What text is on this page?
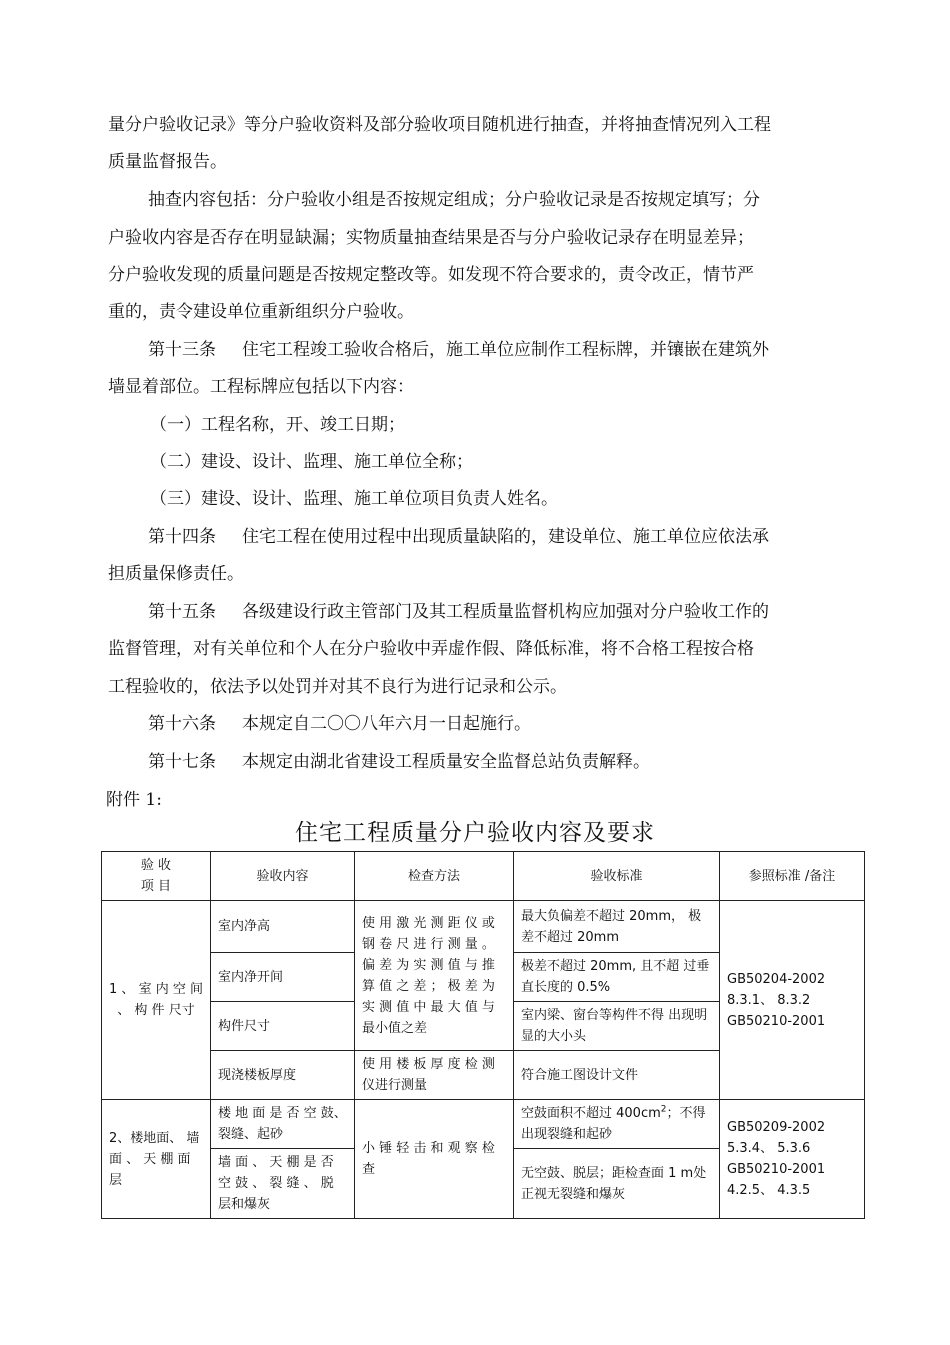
量分户验收记录》等分户验收资料及部分验收项目随机进行抽查，并将抽查情况列入工程
质量监督报告。
抽查内容包括：分户验收小组是否按规定组成；分户验收记录是否按规定填写；分
户验收内容是否存在明显缺漏；实物质量抽查结果是否与分户验收记录存在明显差异；
分户验收发现的质量问题是否按规定整改等。如发现不符合要求的，责令改正，情节严
重的，责令建设单位重新组织分户验收。
第十三条 住宅工程竣工验收合格后，施工单位应制作工程标牌，并镶嵌在建筑外
墙显着部位。工程标牌应包括以下内容：
（一）工程名称，开、竣工日期；
（二）建设、设计、监理、施工单位全称；
（三）建设、设计、监理、施工单位项目负责人姓名。
第十四条 住宅工程在使用过程中出现质量缺陷的，建设单位、施工单位应依法承
担质量保修责任。
第十五条 各级建设行政主管部门及其工程质量监督机构应加强对分户验收工作的
监督管理，对有关单位和个人在分户验收中弄虚作假、降低标准，将不合格工程按合格
工程验收的，依法予以处罚并对其不良行为进行记录和公示。
第十六条 本规定自二〇〇八年六月一日起施行。
第十七条 本规定由湖北省建设工程质量安全监督总站负责解释。
附件 1:
住宅工程质量分户验收内容及要求
验 收
项 目	验收内容	检查方法	验收标准	参照标准 /备注
1 、 室 内 空 间 、 构 件 尺寸	室内净高	使 用 激 光 测 距 仪 或 钢 卷 尺 进 行 测 量 。 偏 差 为 实 测 值 与 推 算 值 之 差 ； 极 差 为 实 测 值 中 最 大 值 与 最小值之差	最大负偏差不超过 20mm， 极差不超过 20mm	GB50204-2002
8.3.1、 8.3.2
GB50210-2001
	室内净开间		极差不超过 20mm, 且不超 过垂直长度的 0.5%	
	构件尺寸		室内梁、窗台等构件不得 出现明显的大小头	
	现浇楼板厚度	使 用 楼 板 厚 度 检 测 仪进行测量	符合施工图设计文件	
2、楼地面、 墙 面 、 天 棚 面层	楼 地 面 是 否 空 鼓、裂缝、起砂	小 锤 轻 击 和 观 察 检 查	空鼓面积不超过 $400cm^2$；不得出现裂缝和起砂	GB50209-2002
5.3.4、 5.3.6
GB50210-2001
4.2.5、 4.3.5
	墙 面 、 天 棚 是 否 空 鼓 、 裂 缝 、 脱 层和爆灰		无空鼓、脱层；距检查面 1 m处正视无裂缝和爆灰	
